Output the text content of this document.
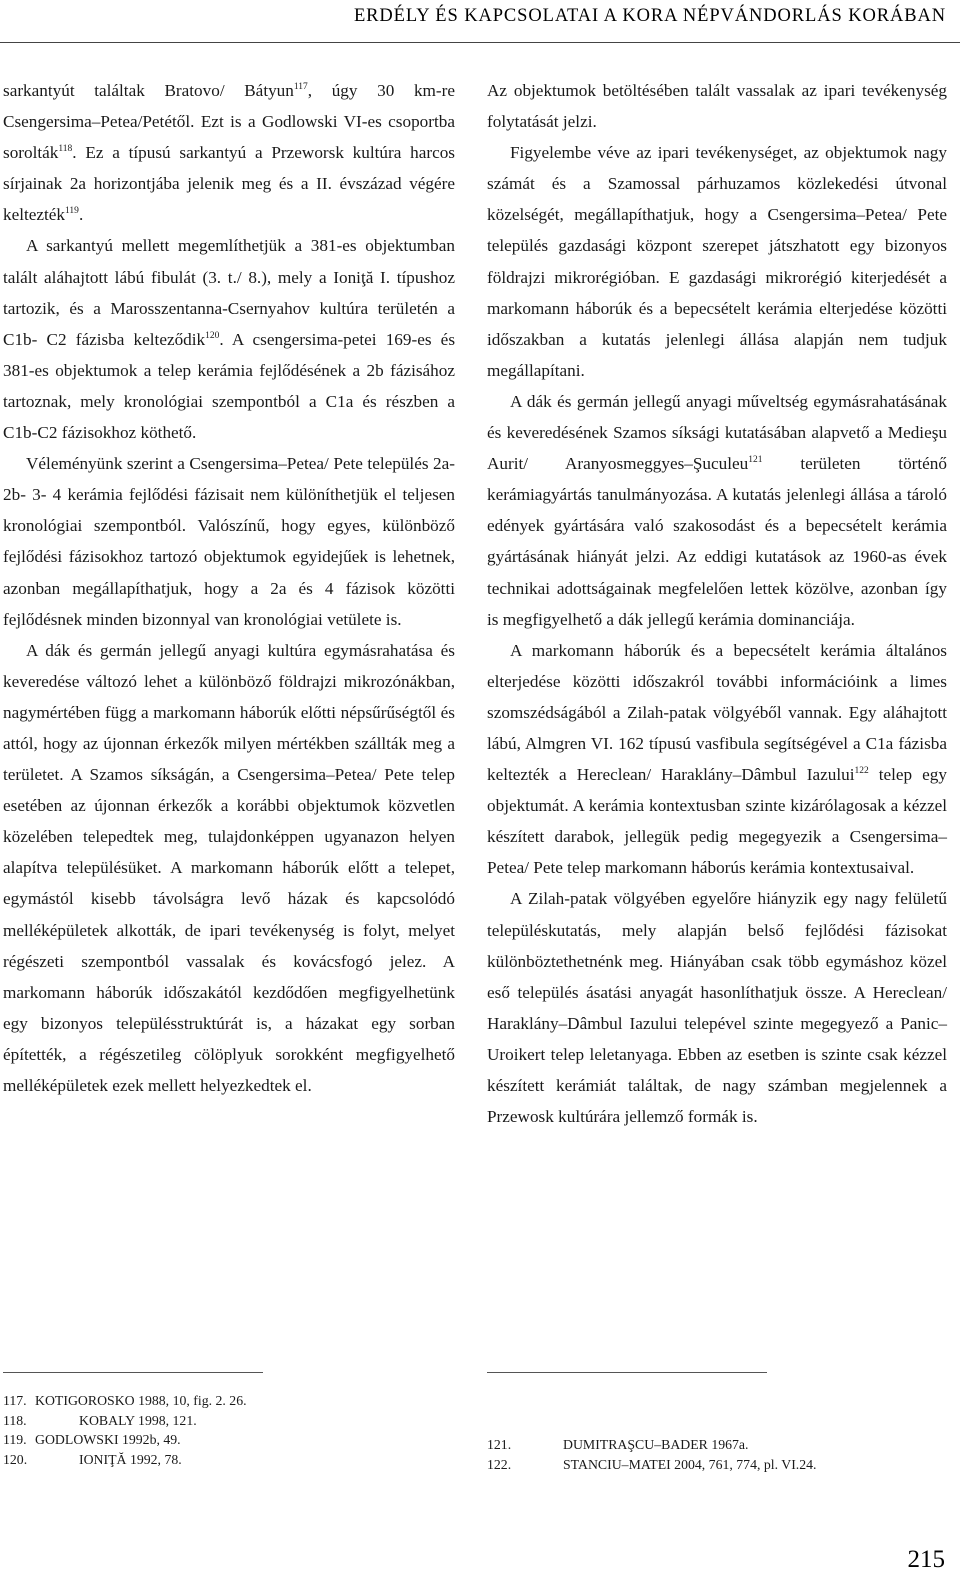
ERDÉLY ÉS KAPCSOLATAI A KORA NÉPVÁNDORLÁS KORÁBAN

sarkantyút találtak Bratovo/ Bátyun$^{117}$, úgy 30 km-re Csengersima–Petea/Petétől. Ezt is a Godlowski VI-es csoportba sorolták$^{118}$. Ez a típusú sarkantyú a Przeworsk kultúra harcos sírjainak 2a horizontjába jelenik meg és a II. évszázad végére keltezték$^{119}$.

A sarkantyú mellett megemlíthetjük a 381-es objektumban talált aláhajtott lábú fibulát (3. t./ 8.), mely a Ioniţă I. típushoz tartozik, és a Marosszentanna-Csernyahov kultúra területén a C1b- C2 fázisba kelteződik$^{120}$. A csengersima-petei 169-es és 381-es objektumok a telep kerámia fejlődésének a 2b fázisához tartoznak, mely kronológiai szempontból a C1a és részben a C1b-C2 fázisokhoz köthető.

Véleményünk szerint a Csengersima–Petea/ Pete település 2a- 2b- 3- 4 kerámia fejlődési fázisait nem különíthetjük el teljesen kronológiai szempontból. Valószínű, hogy egyes, különböző fejlődési fázisokhoz tartozó objektumok egyidejűek is lehetnek, azonban megállapíthatjuk, hogy a 2a és 4 fázisok közötti fejlődésnek minden bizonnyal van kronológiai vetülete is.

A dák és germán jellegű anyagi kultúra egymásrahatása és keveredése változó lehet a különböző földrajzi mikrozónákban, nagymértében függ a markomann háborúk előtti népsűrűségtől és attól, hogy az újonnan érkezők milyen mértékben szállták meg a területet. A Szamos síkságán, a Csengersima–Petea/ Pete telep esetében az újonnan érkezők a korábbi objektumok közvetlen közelében telepedtek meg, tulajdonképpen ugyanazon helyen alapítva településüket. A markomann háborúk előtt a telepet, egymástól kisebb távolságra levő házak és kapcsolódó melléképületek alkották, de ipari tevékenység is folyt, melyet régészeti szempontból vassalak és kovácsfogó jelez. A markomann háborúk időszakától kezdődően megfigyelhetünk egy bizonyos településstruktúrát is, a házakat egy sorban építették, a régészetileg cölöplyuk sorokként megfigyelhető melléképületek ezek mellett helyezkedtek el.

Az objektumok betöltésében talált vassalak az ipari tevékenység folytatását jelzi.

Figyelembe véve az ipari tevékenységet, az objektumok nagy számát és a Szamossal párhuzamos közlekedési útvonal közelségét, megállapíthatjuk, hogy a Csengersima–Petea/ Pete település gazdasági központ szerepet játszhatott egy bizonyos földrajzi mikrorégióban. E gazdasági mikrorégió kiterjedését a markomann háborúk és a bepecsételt kerámia elterjedése közötti időszakban a kutatás jelenlegi állása alapján nem tudjuk megállapítani.

A dák és germán jellegű anyagi műveltség egymásrahatásának és keveredésének Szamos síksági kutatásában alapvető a Medieşu Aurit/ Aranyosmeggyes–Şuculeu$^{121}$ területen történő kerámiagyártás tanulmányozása. A kutatás jelenlegi állása a tároló edények gyártására való szakosodást és a bepecsételt kerámia gyártásának hiányát jelzi. Az eddigi kutatások az 1960-as évek technikai adottságainak megfelelően lettek közölve, azonban így is megfigyelhető a dák jellegű kerámia dominanciája.

A markomann háborúk és a bepecsételt kerámia általános elterjedése közötti időszakról további információink a limes szomszédságából a Zilah-patak völgyéből vannak. Egy aláhajtott lábú, Almgren VI. 162 típusú vasfibula segítségével a C1a fázisba keltezték a Hereclean/ Haraklány–Dâmbul Iazului$^{122}$ telep egy objektumát. A kerámia kontextusban szinte kizárólagosak a kézzel készített darabok, jellegük pedig megegyezik a Csengersima–Petea/ Pete telep markomann háborús kerámia kontextusaival.

A Zilah-patak völgyében egyelőre hiányzik egy nagy felületű településkutatás, mely alapján belső fejlődési fázisokat különböztethetnénk meg. Hiányában csak több egymáshoz közel eső település ásatási anyagát hasonlíthatjuk össze. A Hereclean/ Haraklány–Dâmbul Iazului telepével szinte megegyező a Panic–Uroikert telep leletanyaga. Ebben az esetben is szinte csak kézzel készített kerámiát találtak, de nagy számban megjelennek a Przewosk kultúrára jellemző formák is.

117. KOTIGOROSKO 1988, 10, fig. 2. 26.
118.	KOBALY 1998, 121.
119. GODLOWSKI 1992b, 49.
120.	IONIŢĂ 1992, 78.
121.	DUMITRAŞCU–BADER 1967a.
122.	STANCIU–MATEI 2004, 761, 774, pl. VI.24.
215
